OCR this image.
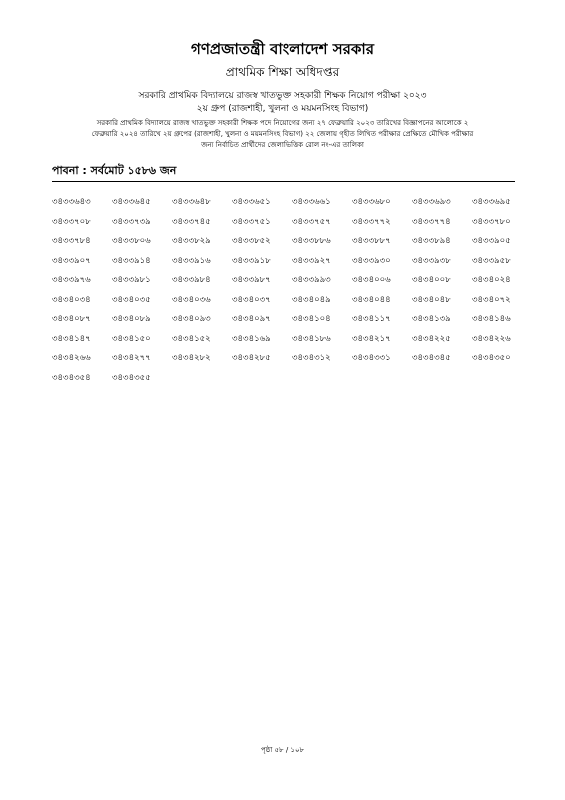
গণপ্রজাতন্ত্রী বাংলাদেশ সরকার
প্রাথমিক শিক্ষা অধিদপ্তর
সরকারি প্রাথমিক বিদ্যালয়ে রাজস্ব খাতভুক্ত সহকারী শিক্ষক নিয়োগ পরীক্ষা ২০২৩
২য় গ্রুপ (রাজশাহী, খুলনা ও ময়মনসিংহ বিভাগ)
সরকারি প্রাথমিক বিদ্যালয়ে রাজস্ব খাতভুক্ত সহকারী শিক্ষক পদে নিয়োগের জন্য ২৭ ফেব্রুয়ারি ২০২৩ তারিখের বিজ্ঞাপনের আলোকে ২
ফেব্রুয়ারি ২০২৪ তারিখে ২য় গ্রুপের (রাজশাহী, খুলনা ও ময়মনসিংহ বিভাগ) ২২ জেলায় গৃহীত লিখিত পরীক্ষার প্রেক্ষিতে মৌখিক পরীক্ষার
জন্য নির্বাচিত প্রার্থীদের জেলাভিত্তিক রোল নং-এর তালিকা
পাবনা : সর্বমোট ১৫৮৬ জন
৩৪৩৩৬৪৩	৩৪৩৩৬৪৫	৩৪৩৩৬৪৮	৩৪৩৩৬৫১	৩৪৩৩৬৬১	৩৪৩৩৬৮০	৩৪৩৩৬৯৩	৩৪৩৩৬৯৫
৩৪৩৩৭০৮	৩৪৩৩৭৩৯	৩৪৩৩৭৪৫	৩৪৩৩৭৫১	৩৪৩৩৭৫৭	৩৪৩৩৭৭২	৩৪৩৩৭৭৪	৩৪৩৩৭৮০
৩৪৩৩৭৮৪	৩৪৩৩৮০৬	৩৪৩৩৮২৯	৩৪৩৩৮৫২	৩৪৩৩৮৮৬	৩৪৩৩৮৮৭	৩৪৩৩৮৯৪	৩৪৩৩৯০৫
৩৪৩৩৯০৭	৩৪৩৩৯১৪	৩৪৩৩৯১৬	৩৪৩৩৯১৮	৩৪৩৩৯২৭	৩৪৩৩৯৩০	৩৪৩৩৯৩৮	৩৪৩৩৯৫৮
৩৪৩৩৯৭৬	৩৪৩৩৯৮১	৩৪৩৩৯৮৪	৩৪৩৩৯৮৭	৩৪৩৩৯৯৩	৩৪৩৪০০৬	৩৪৩৪০০৮	৩৪৩৪০২৪
৩৪৩৪০৩৪	৩৪৩৪০৩৫	৩৪৩৪০৩৬	৩৪৩৪০৩৭	৩৪৩৪০৪৯	৩৪৩৪০৪৪	৩৪৩৪০৪৮	৩৪৩৪০৭২
৩৪৩৪০৮৭	৩৪৩৪০৮৯	৩৪৩৪০৯৩	৩৪৩৪০৯৭	৩৪৩৪১০৪	৩৪৩৪১১৭	৩৪৩৪১৩৯	৩৪৩৪১৪৬
৩৪৩৪১৪৭	৩৪৩৪১৫০	৩৪৩৪১৫২	৩৪৩৪১৬৯	৩৪৩৪১৮৬	৩৪৩৪২১৭	৩৪৩৪২২৫	৩৪৩৪২২৬
৩৪৩৪২৬৬	৩৪৩৪২৭৭	৩৪৩৪২৮২	৩৪৩৪২৮৫	৩৪৩৪৩১২	৩৪৩৪৩৩১	৩৪৩৪৩৪৫	৩৪৩৪৩৫০
৩৪৩৪৩৫৪	৩৪৩৪৩৫৫
পৃষ্ঠা ৫৮ / ১০৮
